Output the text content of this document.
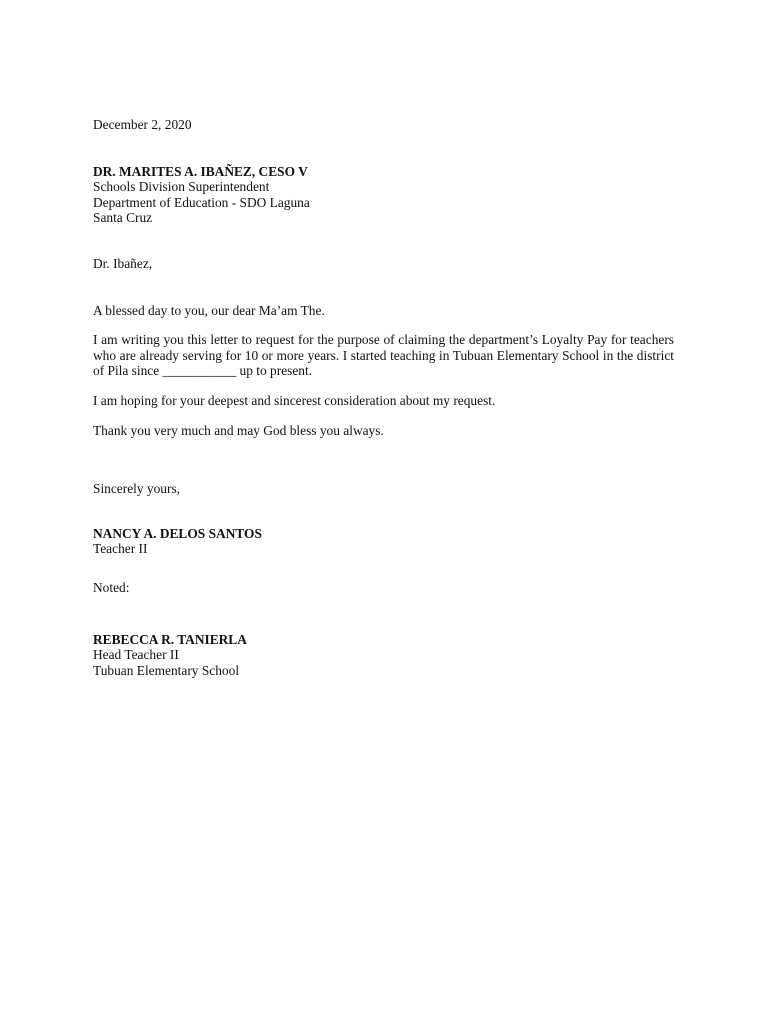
December 2, 2020
DR. MARITES A. IBAÑEZ, CESO V
Schools Division Superintendent
Department of Education - SDO Laguna
Santa Cruz
Dr. Ibañez,
A blessed day to you, our dear Ma’am The.

I am writing you this letter to request for the purpose of claiming the department’s Loyalty Pay for teachers who are already serving for 10 or more years. I started teaching in Tubuan Elementary School in the district of Pila since ___________ up to present.

I am hoping for your deepest and sincerest consideration about my request.
Thank you very much and may God bless you always.
Sincerely yours,
NANCY A. DELOS SANTOS
Teacher II
Noted:
REBECCA R. TANIERLA
Head Teacher II
Tubuan Elementary School
